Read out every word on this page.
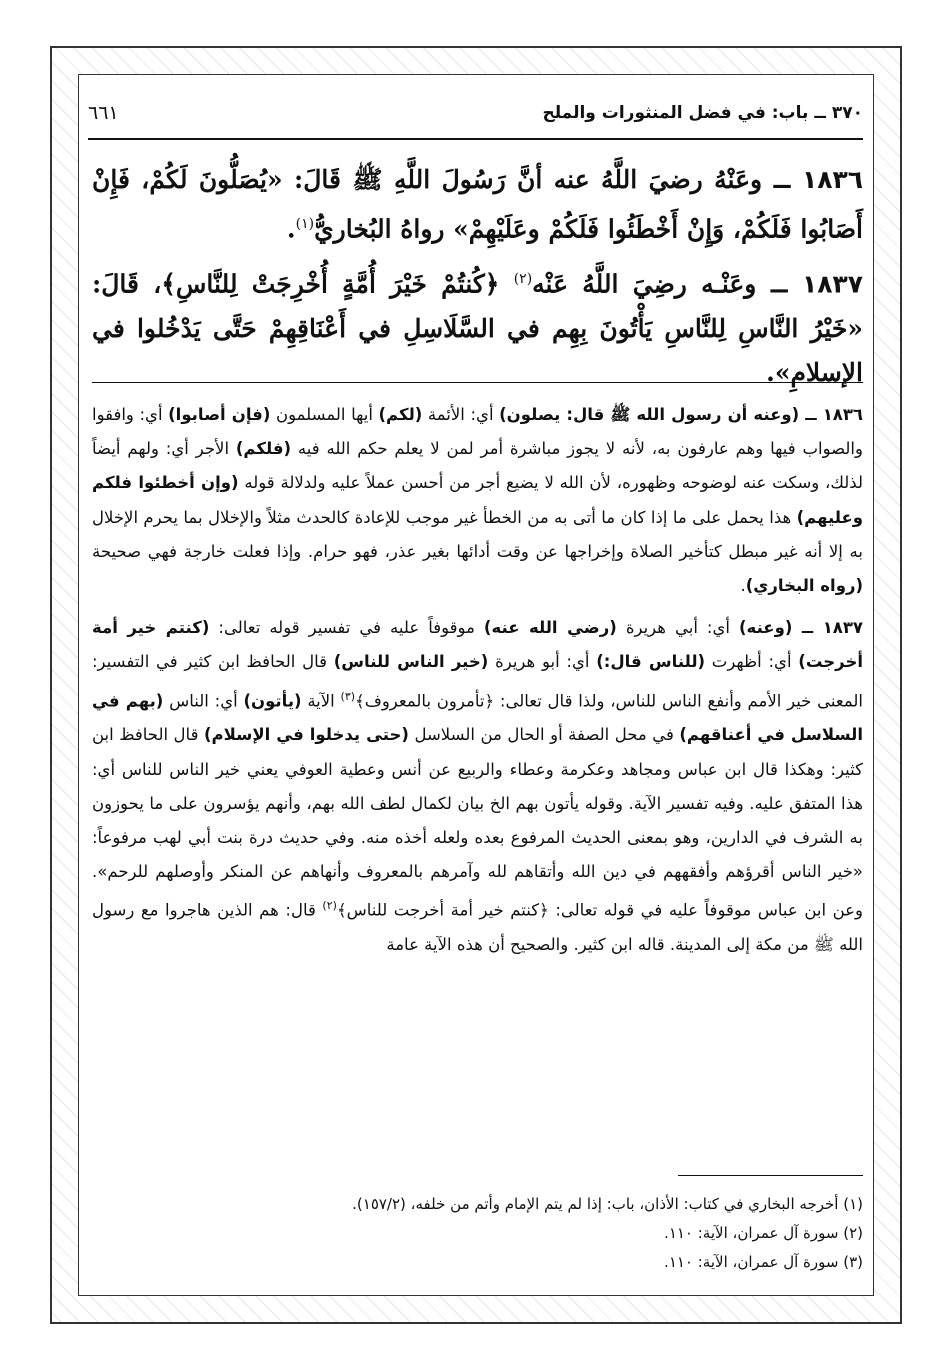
٣٧٠ ــ باب: في فضل المنثورات والملح
٦٦١

١٨٣٦ ــ وعَنْهُ رضيَ اللَّهُ عنه أنَّ رَسُولَ اللَّهِ ﷺ قَالَ: «يُصَلُّونَ لَكُمْ، فَإِنْ أَصَابُوا فَلَكُمْ، وَإِنْ أَخْطَئُوا فَلَكُمْ وعَلَيْهِمْ» رواهُ البُخاريُّ$^{(١)}$.

١٨٣٧ ــ وعَنْـه رضِيَ اللَّهُ عَنْه$^{(٢)}$ ﴿كُنتُمْ خَيْرَ أُمَّةٍ أُخْرِجَتْ لِلنَّاسِ﴾، قَالَ: «خَيْرُ النَّاسِ لِلنَّاسِ يَأْتُونَ بِهِم في السَّلَاسِلِ في أَعْنَاقِهِمْ حَتَّى يَدْخُلوا في الإسلامِ».

١٨٣٦ ــ (وعنه أن رسول الله ﷺ قال: يصلون) أي: الأئمة (لكم) أيها المسلمون (فإن أصابوا) أي: وافقوا والصواب فيها وهم عارفون به، لأنه لا يجوز مباشرة أمر لمن لا يعلم حكم الله فيه (فلكم) الأجر أي: ولهم أيضاً لذلك، وسكت عنه لوضوحه وظهوره، لأن الله لا يضيع أجر من أحسن عملاً عليه ولدلالة قوله (وإن أخطئوا فلكم وعليهم) هذا يحمل على ما إذا كان ما أتى به من الخطأ غير موجب للإعادة كالحدث مثلاً والإخلال بما يحرم الإخلال به إلا أنه غير مبطل كتأخير الصلاة وإخراجها عن وقت أدائها بغير عذر، فهو حرام. وإذا فعلت خارجة فهي صحيحة (رواه البخاري).

١٨٣٧ ــ (وعنه) أي: أبي هريرة (رضي الله عنه) موقوفاً عليه في تفسير قوله تعالى: (كنتم خير أمة أخرجت) أي: أظهرت (للناس قال:) أي: أبو هريرة (خير الناس للناس) قال الحافظ ابن كثير في التفسير: المعنى خير الأمم وأنفع الناس للناس، ولذا قال تعالى: ﴿تأمرون بالمعروف﴾$^{(٣)}$ الآية (يأتون) أي: الناس (بهم في السلاسل في أعناقهم) في محل الصفة أو الحال من السلاسل (حتى يدخلوا في الإسلام) قال الحافظ ابن كثير: وهكذا قال ابن عباس ومجاهد وعكرمة وعطاء والربيع عن أنس وعطية العوفي يعني خير الناس للناس أي: هذا المتفق عليه. وفيه تفسير الآية. وقوله يأتون بهم الخ بيان لكمال لطف الله بهم، وأنهم يؤسرون على ما يحوزون به الشرف في الدارين، وهو بمعنى الحديث المرفوع بعده ولعله أخذه منه. وفي حديث درة بنت أبي لهب مرفوعاً: «خير الناس أقرؤهم وأفقههم في دين الله وأتقاهم لله وآمرهم بالمعروف وأنهاهم عن المنكر وأوصلهم للرحم». وعن ابن عباس موقوفاً عليه في قوله تعالى: ﴿كنتم خير أمة أخرجت للناس﴾$^{(٢)}$ قال: هم الذين هاجروا مع رسول الله ﷺ من مكة إلى المدينة. قاله ابن كثير. والصحيح أن هذه الآية عامة

(١) أخرجه البخاري في كتاب: الأذان، باب: إذا لم يتم الإمام وأتم من خلفه، (١٥٧/٢).
(٢) سورة آل عمران، الآية: ١١٠.
(٣) سورة آل عمران، الآية: ١١٠.
